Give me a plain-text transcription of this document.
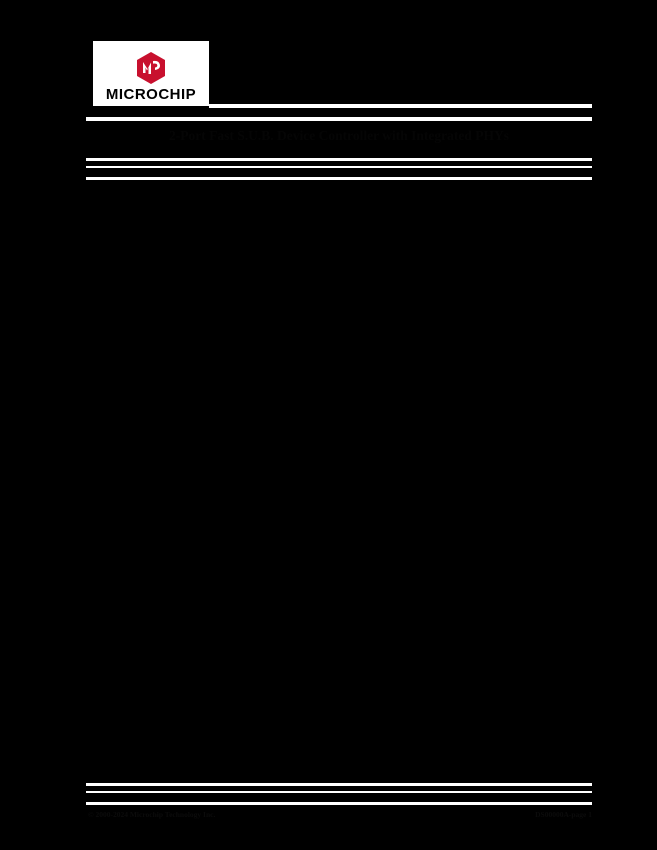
MICROCHIP
2-Port Fast S.U.B. Device Controller with Integrated PHYs
© 2000-2024 Microchip Technology Inc.	DS00000A-page 1
